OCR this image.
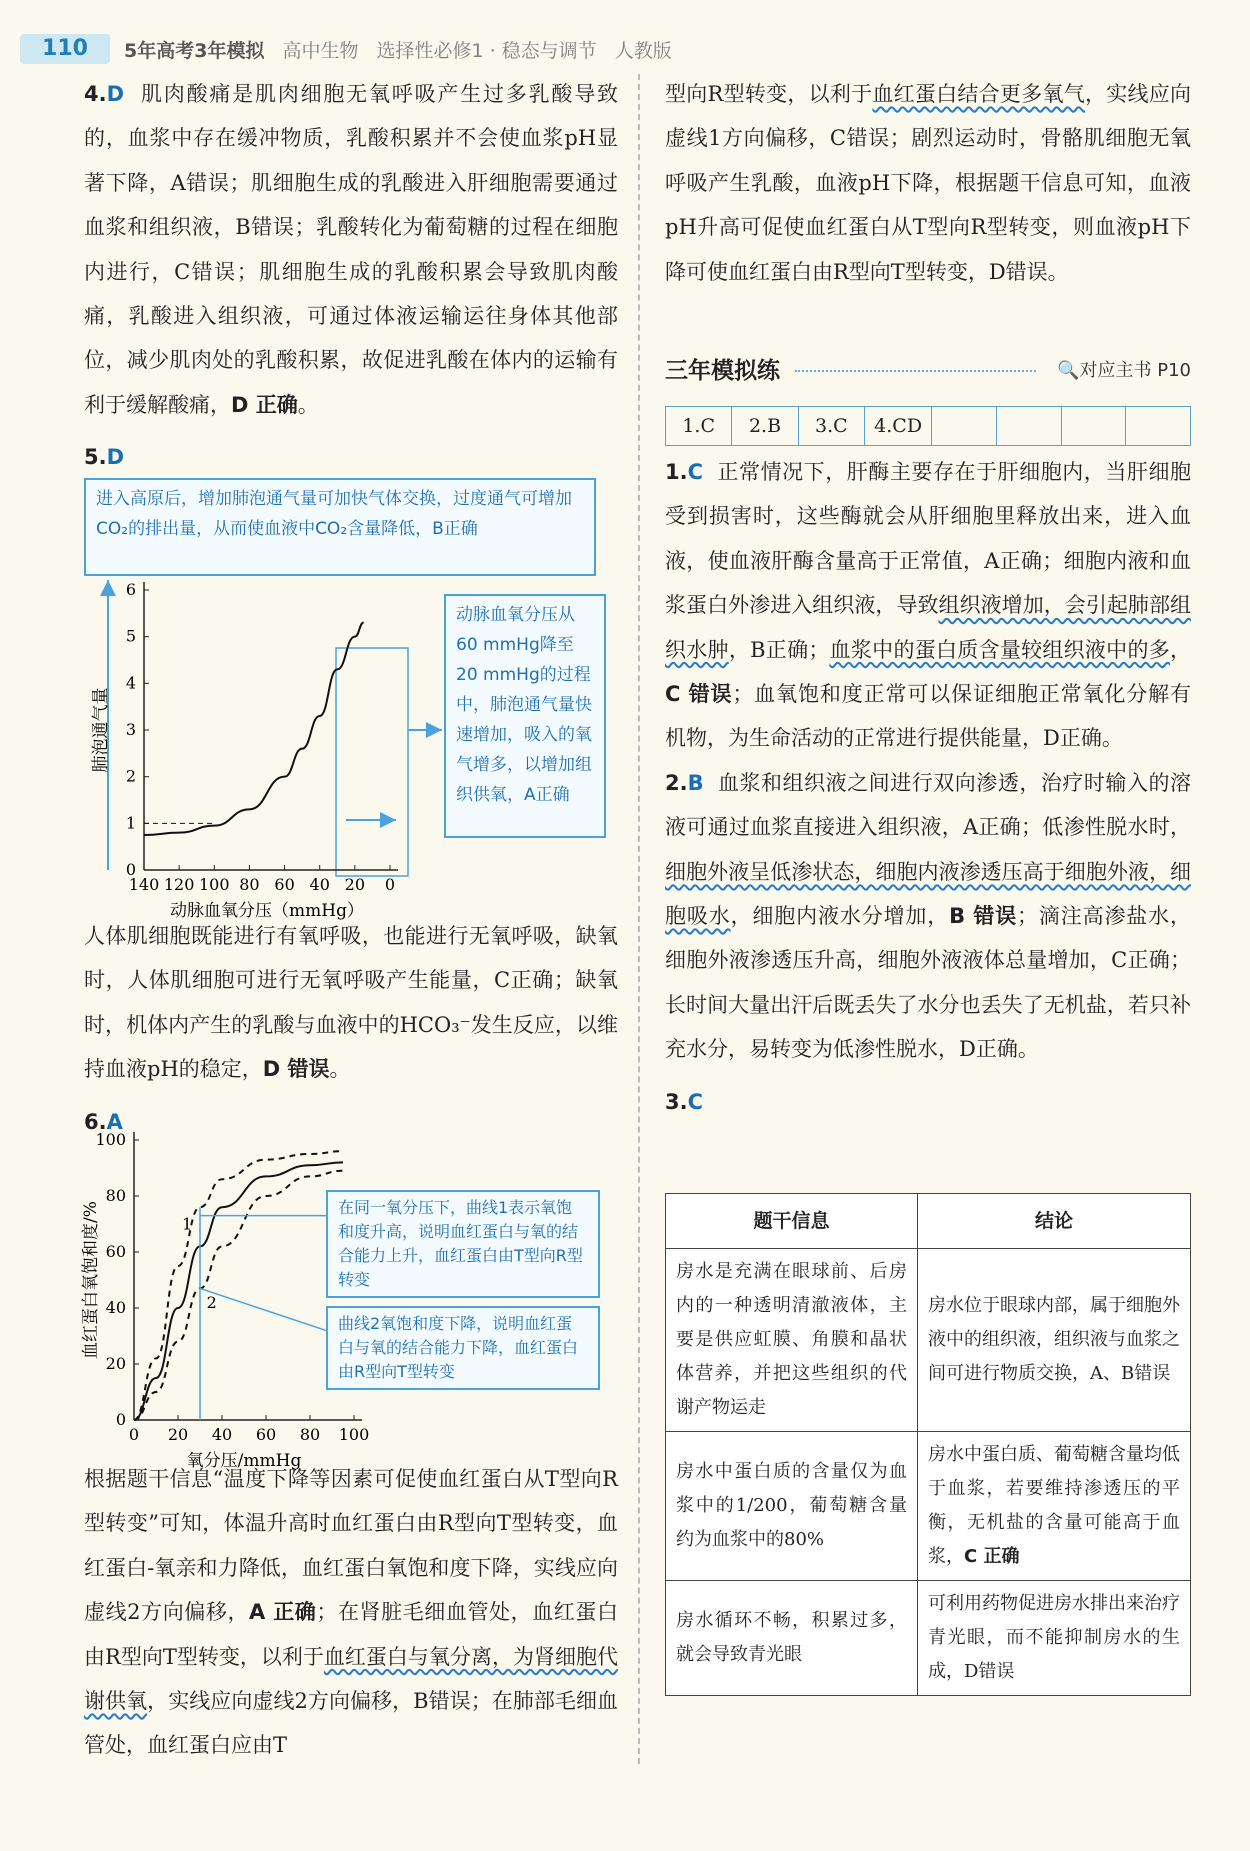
110	5年高考3年模拟 高中生物 选择性必修1 · 稳态与调节 人教版

4.D 肌肉酸痛是肌肉细胞无氧呼吸产生过多乳酸导致的，血浆中存在缓冲物质，乳酸积累并不会使血浆pH显著下降，A错误；肌细胞生成的乳酸进入肝细胞需要通过血浆和组织液，B错误；乳酸转化为葡萄糖的过程在细胞内进行，C错误；肌细胞生成的乳酸积累会导致肌肉酸痛，乳酸进入组织液，可通过体液运输运往身体其他部位，减少肌肉处的乳酸积累，故促进乳酸在体内的运输有利于缓解酸痛，D 正确。

5.D

进入高原后，增加肺泡通气量可加快气体交换，过度通气可增加CO₂的排出量，从而使血液中CO₂含量降低，B正确
动脉血氧分压从60 mmHg降至20 mmHg的过程中，肺泡通气量快速增加，吸入的氧气增多，以增加组织供氧，A正确
140 120 100 80 60 40 20 0
0
1
2
3
4
5
6
动脉血氧分压（mmHg）
肺泡通气量

人体肌细胞既能进行有氧呼吸，也能进行无氧呼吸，缺氧时，人体肌细胞可进行无氧呼吸产生能量，C正确；缺氧时，机体内产生的乳酸与血液中的HCO₃⁻发生反应，以维持血液pH的稳定，D 错误。

6.A

0 20 40 60 80 100
0
20
40
60
80
100
氧分压/mmHg
血红蛋白氧饱和度/%	1
2
在同一氧分压下，曲线1表示氧饱和度升高，说明血红蛋白与氧的结合能力上升，血红蛋白由T型向R型转变
曲线2氧饱和度下降，说明血红蛋白与氧的结合能力下降，血红蛋白由R型向T型转变

根据题干信息“温度下降等因素可促使血红蛋白从T型向R型转变”可知，体温升高时血红蛋白由R型向T型转变，血红蛋白-氧亲和力降低，血红蛋白氧饱和度下降，实线应向虚线2方向偏移，A 正确；在肾脏毛细血管处，血红蛋白由R型向T型转变，以利于血红蛋白与氧分离，为肾细胞代谢供氧，实线应向虚线2方向偏移，B错误；在肺部毛细血管处，血红蛋白应由T

型向R型转变，以利于血红蛋白结合更多氧气，实线应向虚线1方向偏移，C错误；剧烈运动时，骨骼肌细胞无氧呼吸产生乳酸，血液pH下降，根据题干信息可知，血液pH升高可促使血红蛋白从T型向R型转变，则血液pH下降可使血红蛋白由R型向T型转变，D错误。

三年模拟练	🔍对应主书 P10
1.C	2.B	3.C	4.CD				

1.C 正常情况下，肝酶主要存在于肝细胞内，当肝细胞受到损害时，这些酶就会从肝细胞里释放出来，进入血液，使血液肝酶含量高于正常值，A正确；细胞内液和血浆蛋白外渗进入组织液，导致组织液增加，会引起肺部组织水肿，B正确；血浆中的蛋白质含量较组织液中的多，C 错误；血氧饱和度正常可以保证细胞正常氧化分解有机物，为生命活动的正常进行提供能量，D正确。

2.B 血浆和组织液之间进行双向渗透，治疗时输入的溶液可通过血浆直接进入组织液，A正确；低渗性脱水时，细胞外液呈低渗状态，细胞内液渗透压高于细胞外液，细胞吸水，细胞内液水分增加，B 错误；滴注高渗盐水，细胞外液渗透压升高，细胞外液液体总量增加，C正确；长时间大量出汗后既丢失了水分也丢失了无机盐，若只补充水分，易转变为低渗性脱水，D正确。

3.C

题干信息	结论
房水是充满在眼球前、后房内的一种透明清澈液体，主要是供应虹膜、角膜和晶状体营养，并把这些组织的代谢产物运走	房水位于眼球内部，属于细胞外液中的组织液，组织液与血浆之间可进行物质交换，A、B错误
房水中蛋白质的含量仅为血浆中的1/200，葡萄糖含量约为血浆中的80%	房水中蛋白质、葡萄糖含量均低于血浆，若要维持渗透压的平衡，无机盐的含量可能高于血浆，C 正确
房水循环不畅，积累过多，就会导致青光眼	可利用药物促进房水排出来治疗青光眼，而不能抑制房水的生成，D错误
